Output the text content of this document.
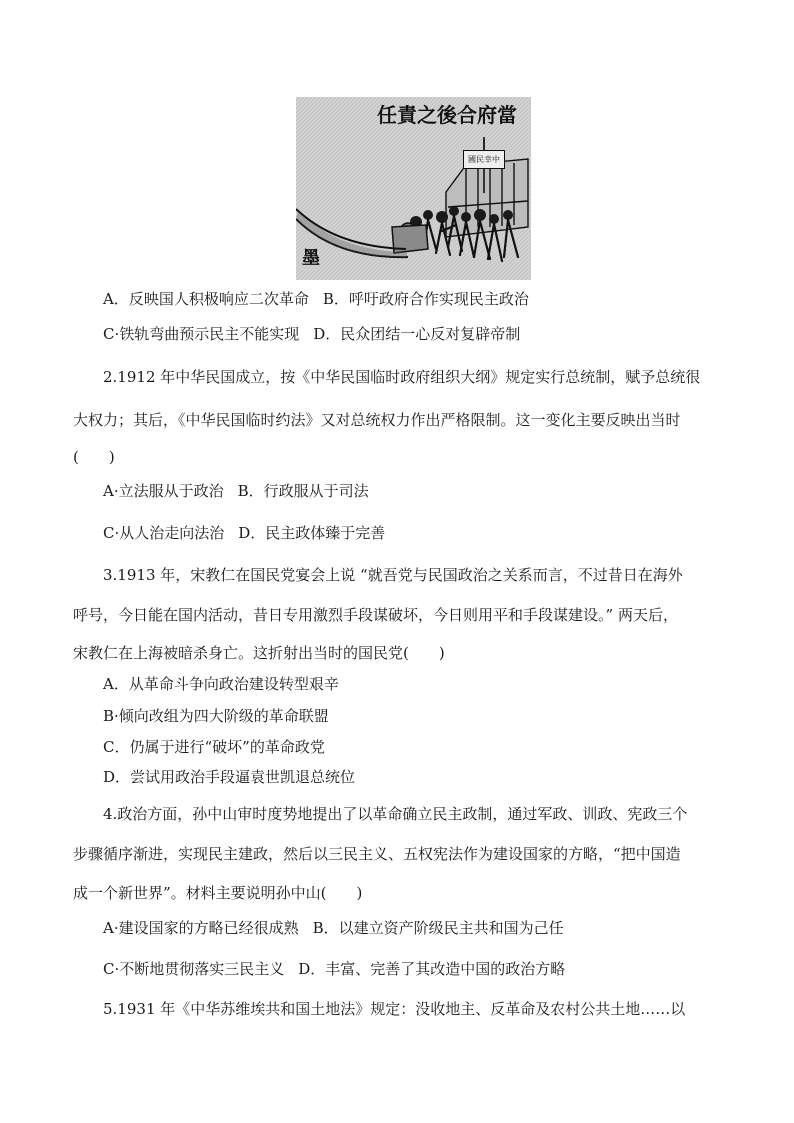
任責之後合府當
國民幸中
墨
A．反映国人积极响应二次革命 B．呼吁政府合作实现民主政治
C·铁轨弯曲预示民主不能实现 D．民众团结一心反对复辟帝制
2.1912 年中华民国成立，按《中华民国临时政府组织大纲》规定实行总统制，赋予总统很
大权力；其后，《中华民国临时约法》又对总统权力作出严格限制。这一变化主要反映出当时
(　　)
A·立法服从于政治 B．行政服从于司法
C·从人治走向法治 D．民主政体臻于完善
3.1913 年，宋教仁在国民党宴会上说 “就吾党与民国政治之关系而言，不过昔日在海外
呼号，今日能在国内活动，昔日专用激烈手段谋破坏，今日则用平和手段谋建设。” 两天后，
宋教仁在上海被暗杀身亡。这折射出当时的国民党(　　)
A．从革命斗争向政治建设转型艰辛
B·倾向改组为四大阶级的革命联盟
C．仍属于进行“破坏”的革命政党
D．尝试用政治手段逼袁世凯退总统位
4.政治方面，孙中山审时度势地提出了以革命确立民主政制，通过军政、训政、宪政三个
步骤循序渐进，实现民主建政，然后以三民主义、五权宪法作为建设国家的方略，“把中国造
成一个新世界”。材料主要说明孙中山(　　)
A·建设国家的方略已经很成熟 B．以建立资产阶级民主共和国为己任
C·不断地贯彻落实三民主义 D．丰富、完善了其改造中国的政治方略
5.1931 年《中华苏维埃共和国土地法》规定：没收地主、反革命及农村公共土地……以
